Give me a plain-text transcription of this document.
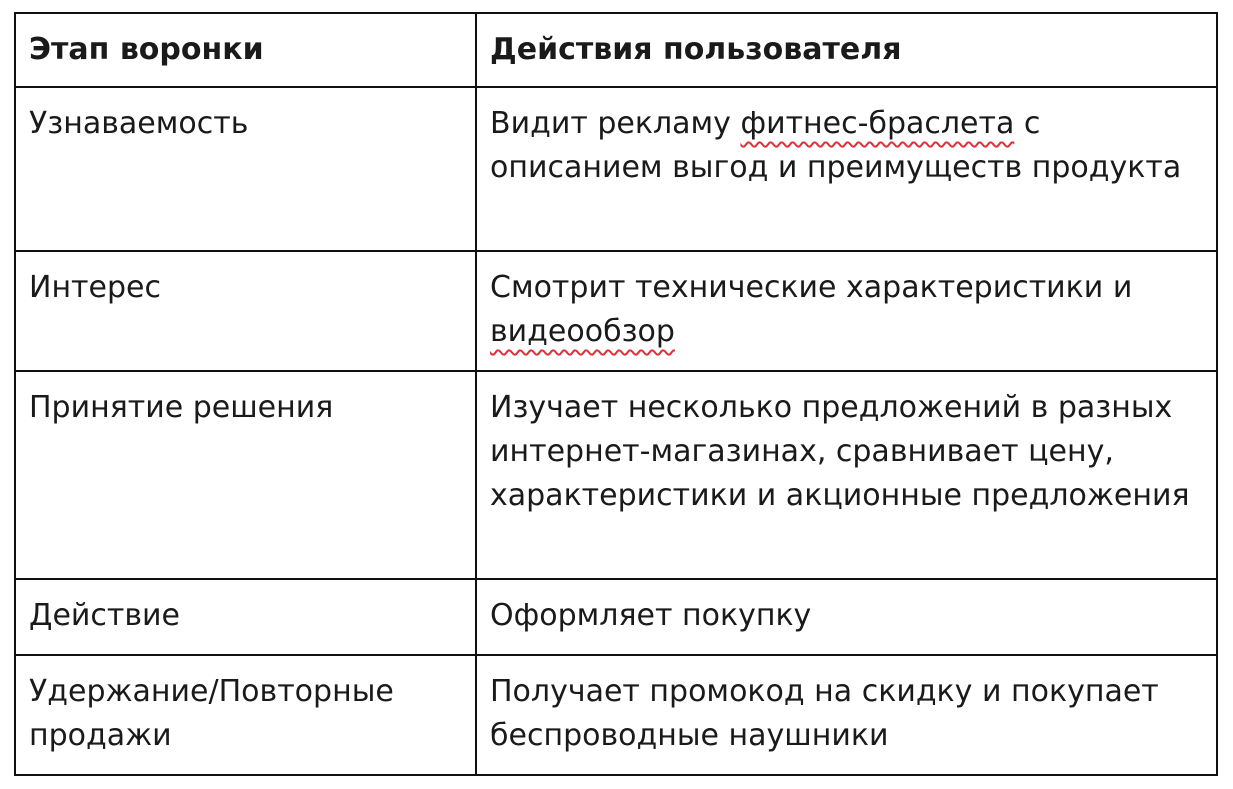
Этап воронки	Действия пользователя
Узнаваемость	Видит рекламу фитнес-браслета с описанием выгод и преимуществ продукта
Интерес	Смотрит технические характеристики и видеообзор
Принятие решения	Изучает несколько предложений в разных интернет-магазинах, сравнивает цену, характеристики и акционные предложения
Действие	Оформляет покупку
Удержание/Повторные продажи	Получает промокод на скидку и покупает беспроводные наушники
